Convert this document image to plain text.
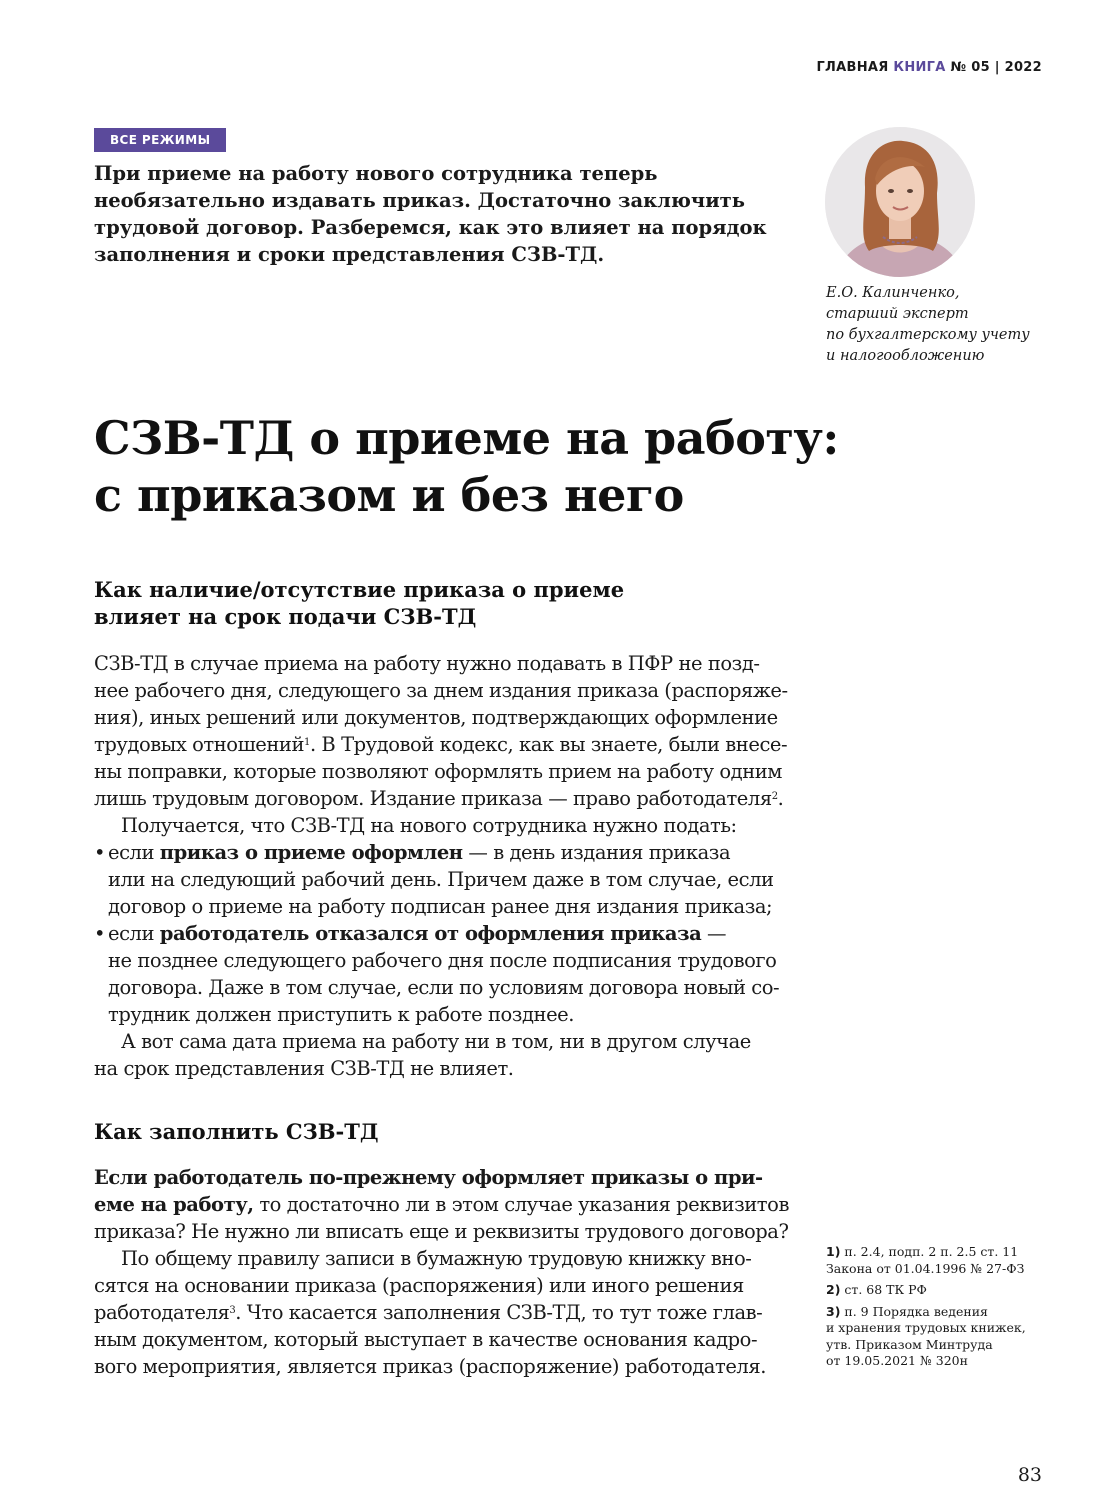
ГЛАВНАЯ КНИГА № 05 | 2022
ВСЕ РЕЖИМЫ

При приеме на работу нового сотрудника теперь необязательно издавать приказ. Достаточно заключить трудовой договор. Разберемся, как это влияет на порядок заполнения и сроки представления СЗВ-ТД.

Е.О. Калинченко,
старший эксперт
по бухгалтерскому учету
и налогообложению
СЗВ-ТД о приеме на работу:
с приказом и без него
Как наличие/отсутствие приказа о приеме
влияет на срок подачи СЗВ-ТД
СЗВ-ТД в случае приема на работу нужно подавать в ПФР не позд-
нее рабочего дня, следующего за днем издания приказа (распоряже-
ния), иных решений или документов, подтверждающих оформление
трудовых отношений$^1$. В Трудовой кодекс, как вы знаете, были внесе-
ны поправки, которые позволяют оформлять прием на работу одним
лишь трудовым договором. Издание приказа — право работодателя$^2$.
Получается, что СЗВ-ТД на нового сотрудника нужно подать:
• если приказ о приеме оформлен — в день издания приказа
или на следующий рабочий день. Причем даже в том случае, если
договор о приеме на работу подписан ранее дня издания приказа;
• если работодатель отказался от оформления приказа —
не позднее следующего рабочего дня после подписания трудового
договора. Даже в том случае, если по условиям договора новый со-
трудник должен приступить к работе позднее.
А вот сама дата приема на работу ни в том, ни в другом случае
на срок представления СЗВ-ТД не влияет.
Как заполнить СЗВ-ТД
Если работодатель по-прежнему оформляет приказы о при-
еме на работу, то достаточно ли в этом случае указания реквизитов
приказа? Не нужно ли вписать еще и реквизиты трудового договора?
По общему правилу записи в бумажную трудовую книжку вно-
сятся на основании приказа (распоряжения) или иного решения
работодателя$^3$. Что касается заполнения СЗВ-ТД, то тут тоже глав-
ным документом, который выступает в качестве основания кадро-
вого мероприятия, является приказ (распоряжение) работодателя.
1) п. 2.4, подп. 2 п. 2.5 ст. 11
Закона от 01.04.1996 № 27-ФЗ
2) ст. 68 ТК РФ
3) п. 9 Порядка ведения
и хранения трудовых книжек,
утв. Приказом Минтруда
от 19.05.2021 № 320н
83
